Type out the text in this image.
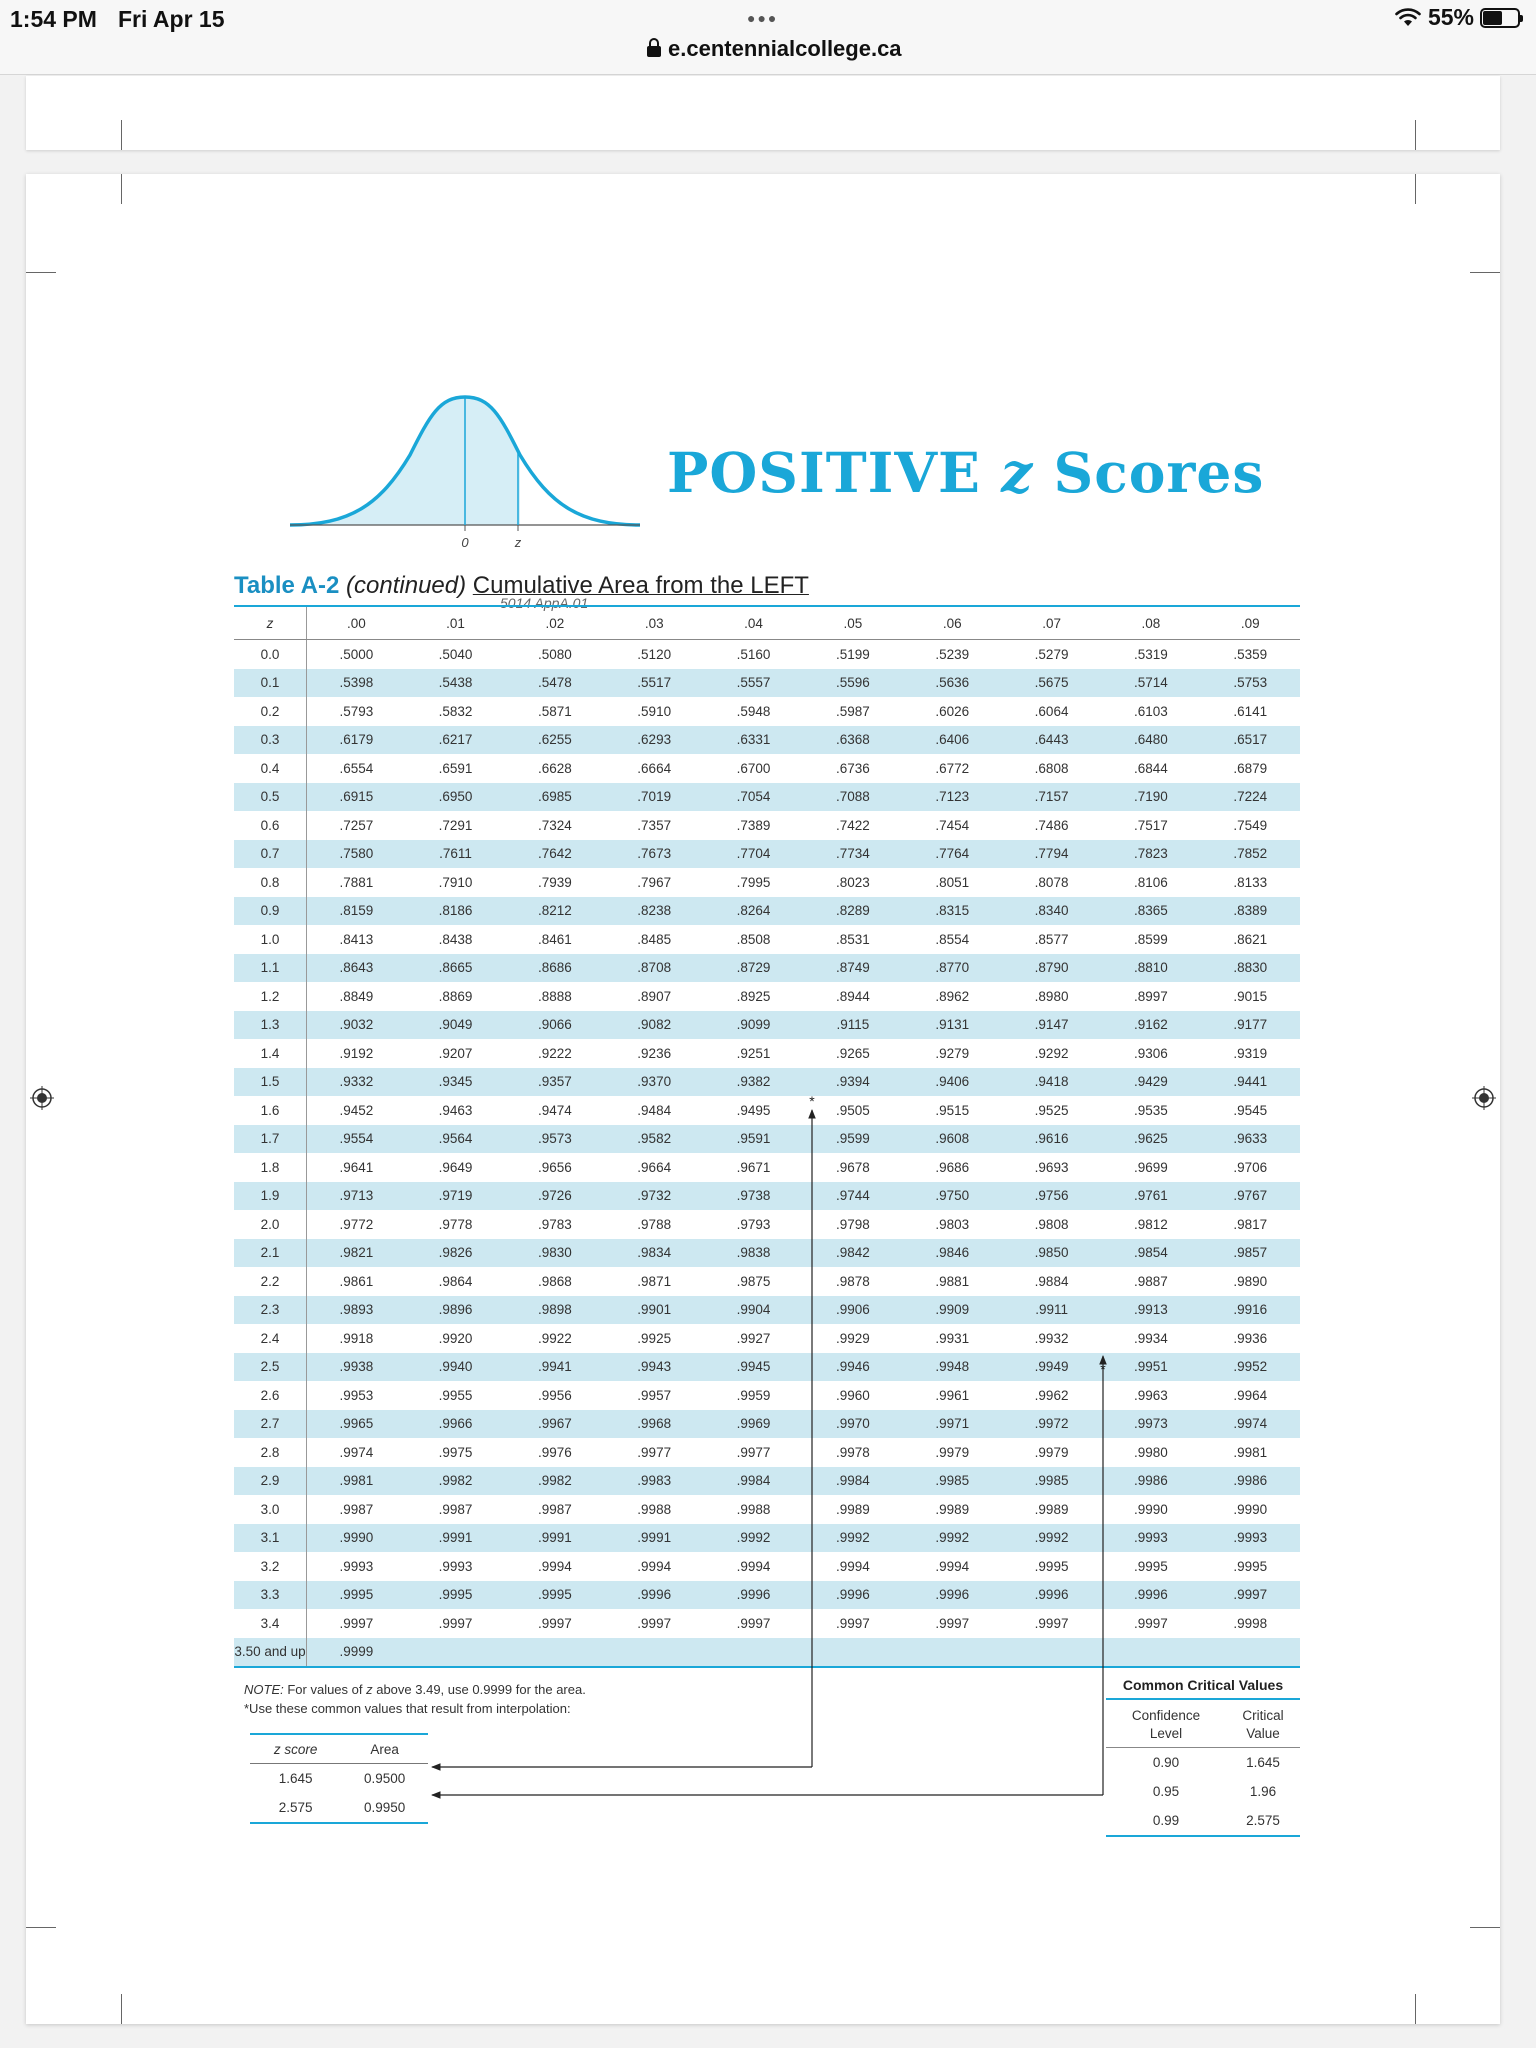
1:54 PM Fri Apr 15	●●●
e.centennialcollege.ca
55%
0	z
POSITIVE z Scores
Table A-2 (continued) Cumulative Area from the LEFT
5014 AppA.01
z	.00	.01	.02	.03	.04	.05	.06	.07	.08	.09
0.0	.5000	.5040	.5080	.5120	.5160	.5199	.5239	.5279	.5319	.5359
0.1	.5398	.5438	.5478	.5517	.5557	.5596	.5636	.5675	.5714	.5753
0.2	.5793	.5832	.5871	.5910	.5948	.5987	.6026	.6064	.6103	.6141
0.3	.6179	.6217	.6255	.6293	.6331	.6368	.6406	.6443	.6480	.6517
0.4	.6554	.6591	.6628	.6664	.6700	.6736	.6772	.6808	.6844	.6879
0.5	.6915	.6950	.6985	.7019	.7054	.7088	.7123	.7157	.7190	.7224
0.6	.7257	.7291	.7324	.7357	.7389	.7422	.7454	.7486	.7517	.7549
0.7	.7580	.7611	.7642	.7673	.7704	.7734	.7764	.7794	.7823	.7852
0.8	.7881	.7910	.7939	.7967	.7995	.8023	.8051	.8078	.8106	.8133
0.9	.8159	.8186	.8212	.8238	.8264	.8289	.8315	.8340	.8365	.8389
1.0	.8413	.8438	.8461	.8485	.8508	.8531	.8554	.8577	.8599	.8621
1.1	.8643	.8665	.8686	.8708	.8729	.8749	.8770	.8790	.8810	.8830
1.2	.8849	.8869	.8888	.8907	.8925	.8944	.8962	.8980	.8997	.9015
1.3	.9032	.9049	.9066	.9082	.9099	.9115	.9131	.9147	.9162	.9177
1.4	.9192	.9207	.9222	.9236	.9251	.9265	.9279	.9292	.9306	.9319
1.5	.9332	.9345	.9357	.9370	.9382	.9394	.9406	.9418	.9429	.9441
1.6	.9452	.9463	.9474	.9484	.9495	.9505	.9515	.9525	.9535	.9545
1.7	.9554	.9564	.9573	.9582	.9591	.9599	.9608	.9616	.9625	.9633
1.8	.9641	.9649	.9656	.9664	.9671	.9678	.9686	.9693	.9699	.9706
1.9	.9713	.9719	.9726	.9732	.9738	.9744	.9750	.9756	.9761	.9767
2.0	.9772	.9778	.9783	.9788	.9793	.9798	.9803	.9808	.9812	.9817
2.1	.9821	.9826	.9830	.9834	.9838	.9842	.9846	.9850	.9854	.9857
2.2	.9861	.9864	.9868	.9871	.9875	.9878	.9881	.9884	.9887	.9890
2.3	.9893	.9896	.9898	.9901	.9904	.9906	.9909	.9911	.9913	.9916
2.4	.9918	.9920	.9922	.9925	.9927	.9929	.9931	.9932	.9934	.9936
2.5	.9938	.9940	.9941	.9943	.9945	.9946	.9948	.9949	.9951	.9952
2.6	.9953	.9955	.9956	.9957	.9959	.9960	.9961	.9962	.9963	.9964
2.7	.9965	.9966	.9967	.9968	.9969	.9970	.9971	.9972	.9973	.9974
2.8	.9974	.9975	.9976	.9977	.9977	.9978	.9979	.9979	.9980	.9981
2.9	.9981	.9982	.9982	.9983	.9984	.9984	.9985	.9985	.9986	.9986
3.0	.9987	.9987	.9987	.9988	.9988	.9989	.9989	.9989	.9990	.9990
3.1	.9990	.9991	.9991	.9991	.9992	.9992	.9992	.9992	.9993	.9993
3.2	.9993	.9993	.9994	.9994	.9994	.9994	.9994	.9995	.9995	.9995
3.3	.9995	.9995	.9995	.9996	.9996	.9996	.9996	.9996	.9996	.9997
3.4	.9997	.9997	.9997	.9997	.9997	.9997	.9997	.9997	.9997	.9998
3.50 and up	.9999									
NOTE: For values of z above 3.49, use 0.9999 for the area.
*Use these common values that result from interpolation:
z score	Area
1.645	0.9500
2.575	0.9950
Common Critical Values
Confidence
Level	Critical
Value
0.90	1.645
0.95	1.96
0.99	2.575
*
*
